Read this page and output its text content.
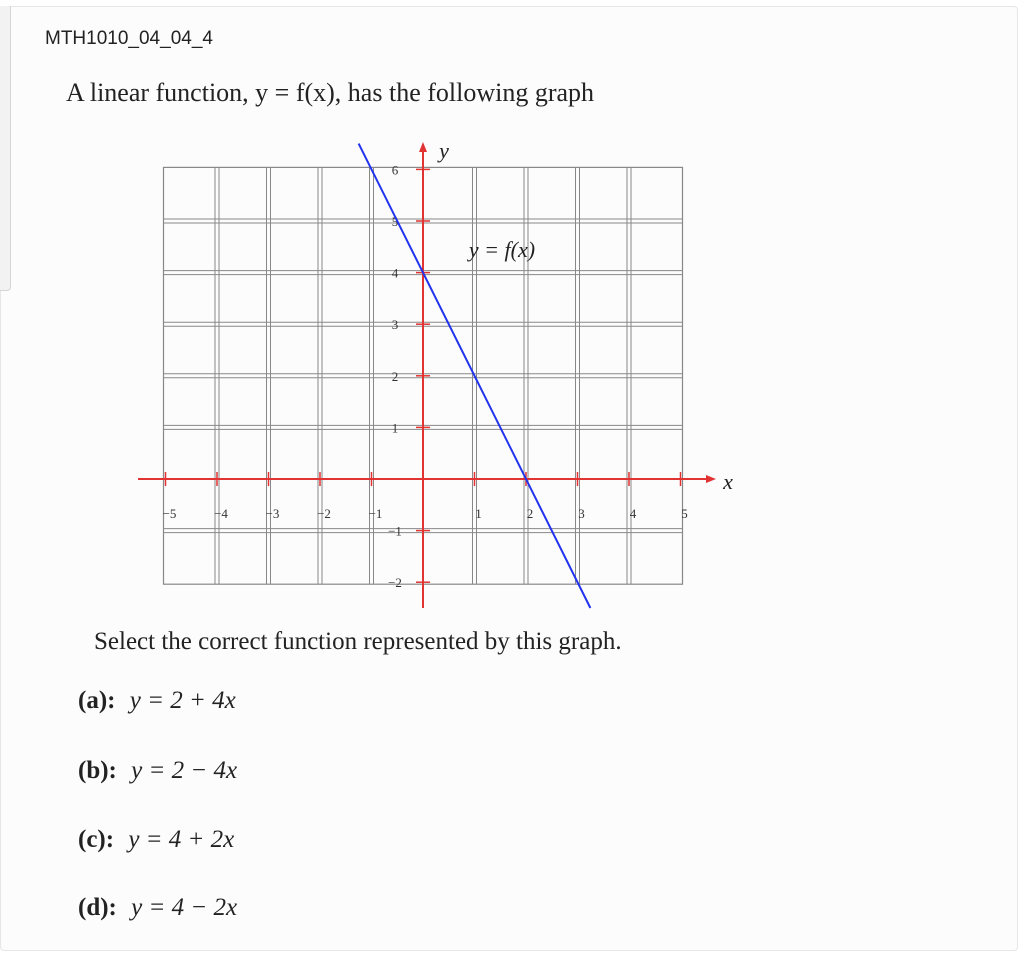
MTH1010_04_04_4
A linear function, y = f(x), has the following graph
x
y
−5	−4	−3	−2	−1	1	2	3	4	5
−2
−1
1
2
3
4
5
6
y = f(x)
Select the correct function represented by this graph.
(a): y = 2 + 4x
(b): y = 2 − 4x
(c): y = 4 + 2x
(d): y = 4 − 2x
